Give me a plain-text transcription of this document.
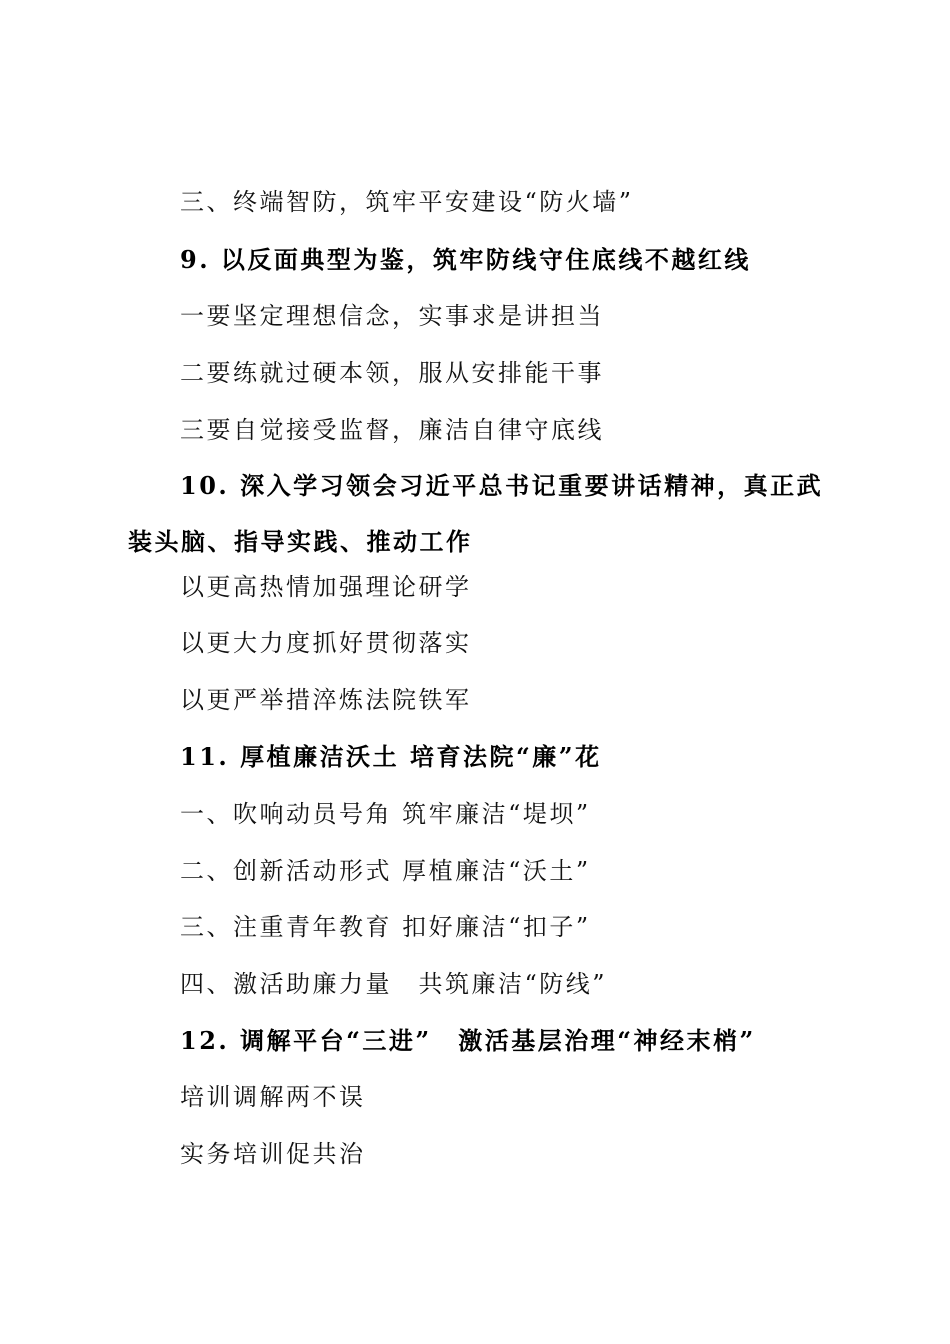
三、终端智防，筑牢平安建设“防火墙”
9. 以反面典型为鉴，筑牢防线守住底线不越红线
一要坚定理想信念，实事求是讲担当
二要练就过硬本领，服从安排能干事
三要自觉接受监督，廉洁自律守底线
10. 深入学习领会习近平总书记重要讲话精神，真正武装头脑、指导实践、推动工作
以更高热情加强理论研学
以更大力度抓好贯彻落实
以更严举措淬炼法院铁军
11. 厚植廉洁沃土 培育法院“廉”花
一、吹响动员号角 筑牢廉洁“堤坝”
二、创新活动形式 厚植廉洁“沃土”
三、注重青年教育 扣好廉洁“扣子”
四、激活助廉力量　共筑廉洁“防线”
12. 调解平台“三进”　激活基层治理“神经末梢”
培训调解两不误
实务培训促共治
